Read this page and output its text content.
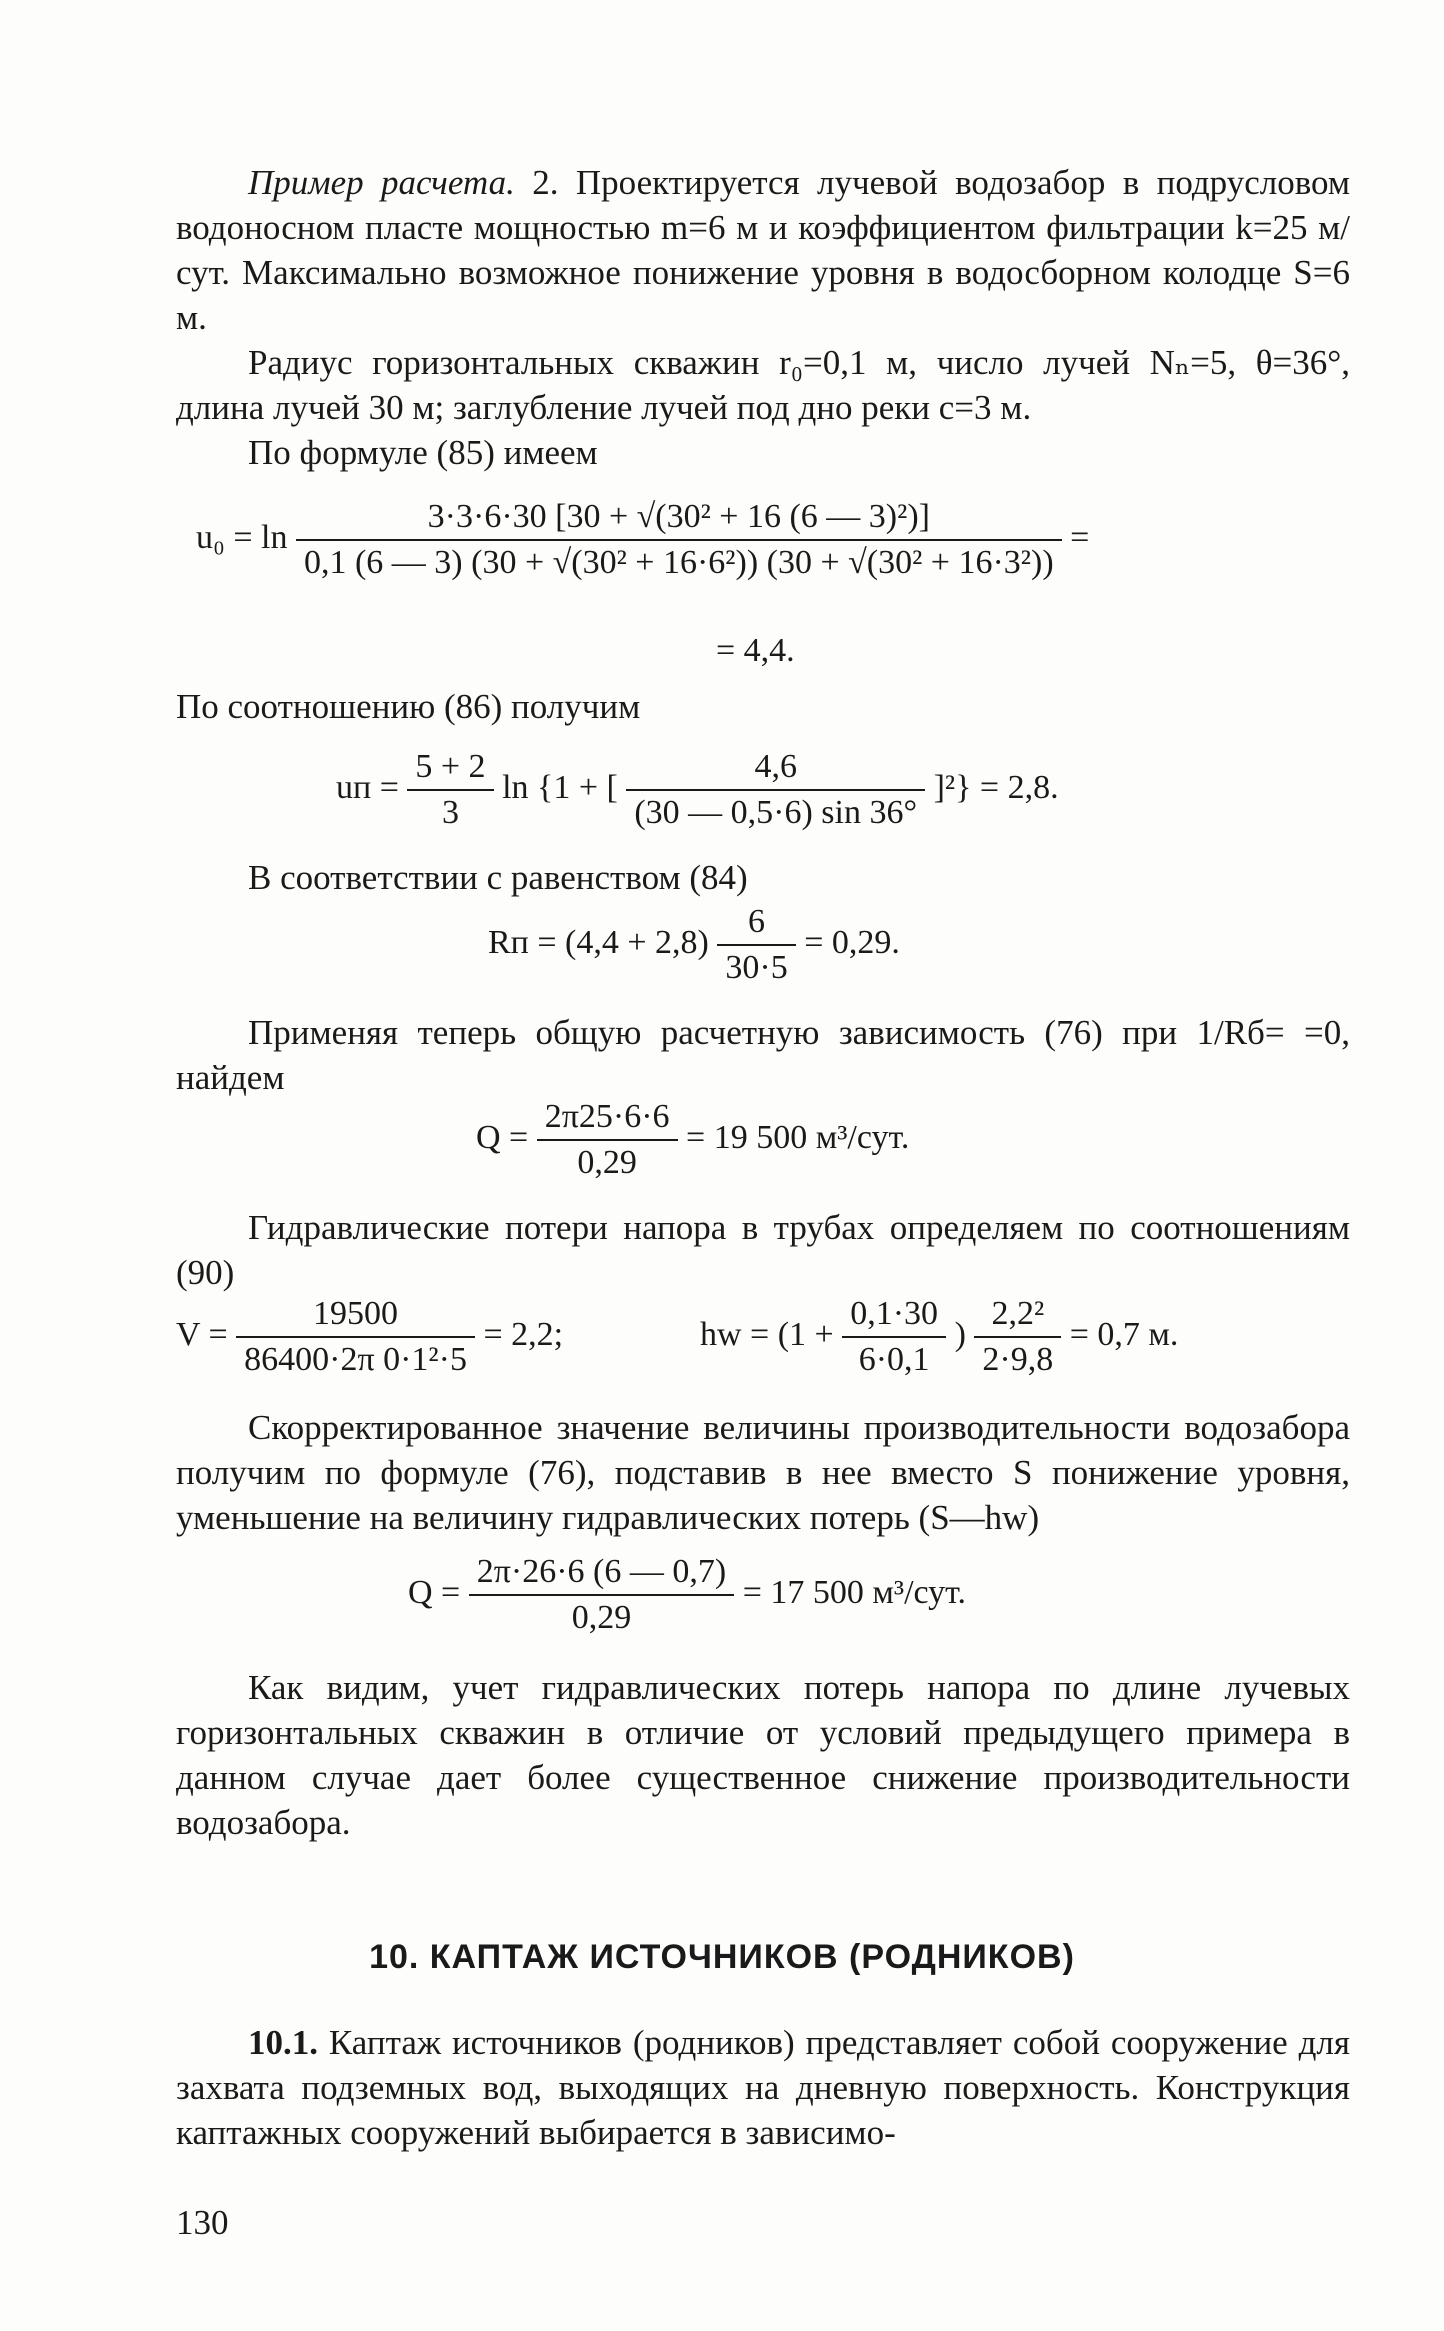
Пример расчета. 2. Проектируется лучевой водозабор в подрусловом водоносном пласте мощностью m=6 м и коэффициентом фильтрации k=25 м/сут. Максимально возможное понижение уровня в водосборном колодце S=6 м.

Радиус горизонтальных скважин r₀=0,1 м, число лучей Nₙ=5, θ=36°, длина лучей 30 м; заглубление лучей под дно реки c=3 м.

По формуле (85) имеем
$u_0 = \ln \frac{\text{3·3·6·30 [30 + √(30² + 16 (6 — 3)²)]}}{\text{0,1 (6 — 3) (30 + √(30² + 16·6²)) (30 + √(30² + 16·3²))}}$ =
= 4,4.
По соотношению (86) получим
uп = $\frac{5 + 2}{3}$ ln {1 + [ $\frac{4,6}{(30 — 0,5\cdot 6) \sin 36^\circ} ]^2\} = 2,8$.
В соответствии с равенством (84)
Rп = $(4,4 + 2,8) \frac{6}{30\cdot 5} = 0,29$.

Применяя теперь общую расчетную зависимость (76) при 1/Rб= =0, найдем

$Q = \frac{2\pi 25\cdot 6\cdot 6}{0,29} = 19$ 500 м³/сут.

Гидравлические потери напора в трубах определяем по соотношениям (90)

$V = \frac{19500}{\text{86400·2π 0·1²·5}} = 2,2$;	hw = ($1 + \frac{0,1\cdot 30}{6\cdot 0,1}$ ) $\frac{\text{2,2²}}{2\cdot 9,8} = 0,7$ м.

Скорректированное значение величины производительности водозабора получим по формуле (76), подставив в нее вместо S понижение уровня, уменьшение на величину гидравлических потерь (S—hw)

$Q = \frac{2\pi\cdot 26\cdot 6 (6 — 0,7)}{0,29} = 17$ 500 м³/сут.

Как видим, учет гидравлических потерь напора по длине лучевых горизонтальных скважин в отличие от условий предыдущего примера в данном случае дает более существенное снижение производительности водозабора.

10. КАПТАЖ ИСТОЧНИКОВ (РОДНИКОВ)

10.1. Каптаж источников (родников) представляет собой сооружение для захвата подземных вод, выходящих на дневную поверхность. Конструкция каптажных сооружений выбирается в зависимо-

130
